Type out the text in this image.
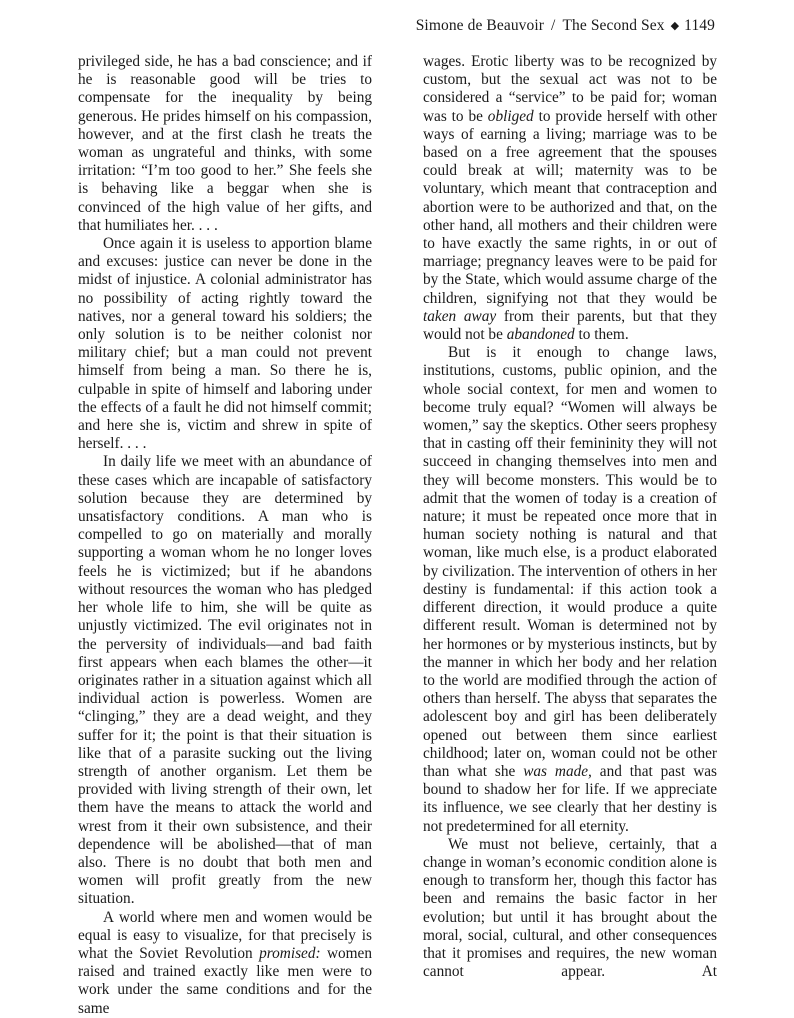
Simone de Beauvoir / The Second Sex ◆ 1149

privileged side, he has a bad conscience; and if he is reasonable good will be tries to compensate for the inequality by being generous. He prides himself on his compassion, however, and at the first clash he treats the woman as ungrateful and thinks, with some irritation: “I’m too good to her.” She feels she is behaving like a beggar when she is convinced of the high value of her gifts, and that humiliates her. . . .

Once again it is useless to apportion blame and excuses: justice can never be done in the midst of injustice. A colonial administrator has no possibility of acting rightly toward the natives, nor a general toward his soldiers; the only solution is to be neither colonist nor military chief; but a man could not prevent himself from being a man. So there he is, culpable in spite of himself and laboring under the effects of a fault he did not himself commit; and here she is, victim and shrew in spite of herself. . . .

In daily life we meet with an abundance of these cases which are incapable of satisfactory solution because they are determined by unsatisfactory conditions. A man who is compelled to go on materially and morally supporting a woman whom he no longer loves feels he is victimized; but if he abandons without resources the woman who has pledged her whole life to him, she will be quite as unjustly victimized. The evil originates not in the perversity of individuals—and bad faith first appears when each blames the other—it originates rather in a situation against which all individual action is powerless. Women are “clinging,” they are a dead weight, and they suffer for it; the point is that their situation is like that of a parasite sucking out the living strength of another organism. Let them be provided with living strength of their own, let them have the means to attack the world and wrest from it their own subsistence, and their dependence will be abolished—that of man also. There is no doubt that both men and women will profit greatly from the new situation.

A world where men and women would be equal is easy to visualize, for that precisely is what the Soviet Revolution promised: women raised and trained exactly like men were to work under the same conditions and for the same

wages. Erotic liberty was to be recognized by custom, but the sexual act was not to be considered a “service” to be paid for; woman was to be obliged to provide herself with other ways of earning a living; marriage was to be based on a free agreement that the spouses could break at will; maternity was to be voluntary, which meant that contraception and abortion were to be authorized and that, on the other hand, all mothers and their children were to have exactly the same rights, in or out of marriage; pregnancy leaves were to be paid for by the State, which would assume charge of the children, signifying not that they would be taken away from their parents, but that they would not be abandoned to them.

But is it enough to change laws, institutions, customs, public opinion, and the whole social context, for men and women to become truly equal? “Women will always be women,” say the skeptics. Other seers prophesy that in casting off their femininity they will not succeed in changing themselves into men and they will become monsters. This would be to admit that the women of today is a creation of nature; it must be repeated once more that in human society nothing is natural and that woman, like much else, is a product elaborated by civilization. The intervention of others in her destiny is fundamental: if this action took a different direction, it would produce a quite different result. Woman is determined not by her hormones or by mysterious instincts, but by the manner in which her body and her relation to the world are modified through the action of others than herself. The abyss that separates the adolescent boy and girl has been deliberately opened out between them since earliest childhood; later on, woman could not be other than what she was made, and that past was bound to shadow her for life. If we appreciate its influence, we see clearly that her destiny is not predetermined for all eternity.

We must not believe, certainly, that a change in woman’s economic condition alone is enough to transform her, though this factor has been and remains the basic factor in her evolution; but until it has brought about the moral, social, cultural, and other consequences that it promises and requires, the new woman cannot appear. At
